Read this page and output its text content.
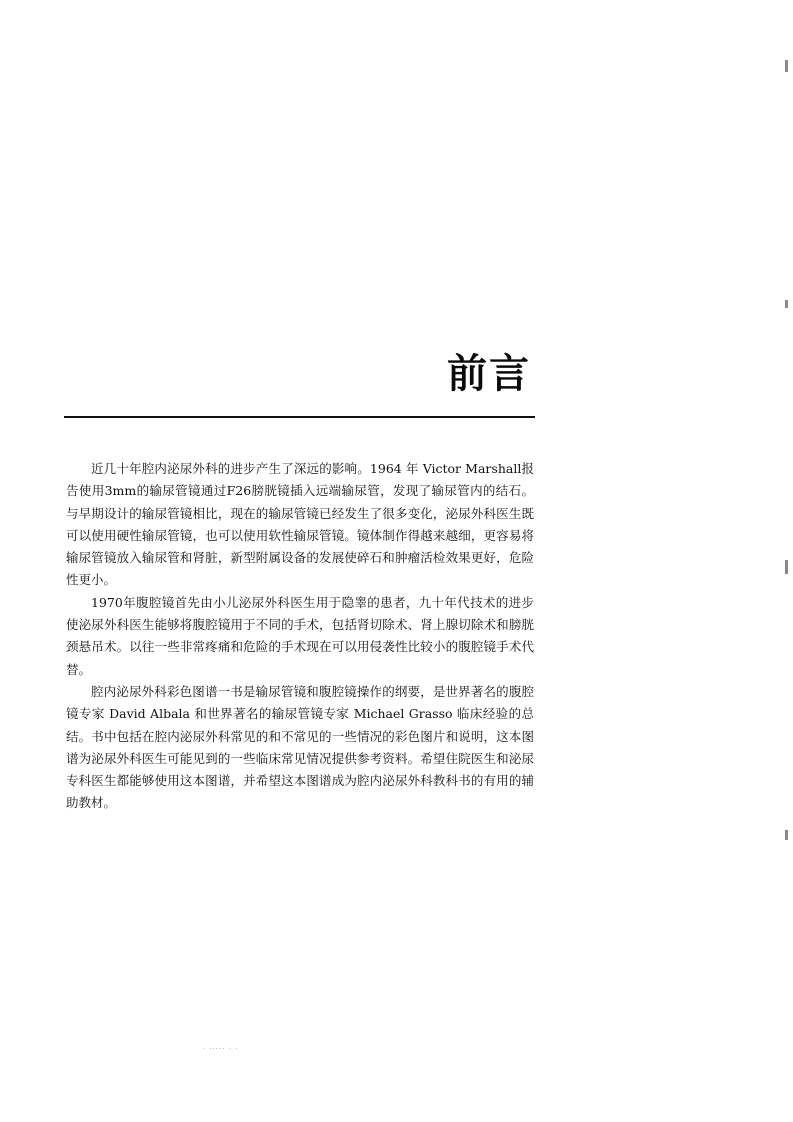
前言

近几十年腔内泌尿外科的进步产生了深远的影响。1964 年 Victor Marshall报告使用3mm的输尿管镜通过F26膀胱镜插入远端输尿管，发现了输尿管内的结石。与早期设计的输尿管镜相比，现在的输尿管镜已经发生了很多变化，泌尿外科医生既可以使用硬性输尿管镜，也可以使用软性输尿管镜。镜体制作得越来越细，更容易将输尿管镜放入输尿管和肾脏，新型附属设备的发展使碎石和肿瘤活检效果更好，危险性更小。

1970年腹腔镜首先由小儿泌尿外科医生用于隐睾的患者，九十年代技术的进步使泌尿外科医生能够将腹腔镜用于不同的手术，包括肾切除术、肾上腺切除术和膀胱颈悬吊术。以往一些非常疼痛和危险的手术现在可以用侵袭性比较小的腹腔镜手术代替。

腔内泌尿外科彩色图谱一书是输尿管镜和腹腔镜操作的纲要，是世界著名的腹腔镜专家 David Albala 和世界著名的输尿管镜专家 Michael Grasso 临床经验的总结。书中包括在腔内泌尿外科常见的和不常见的一些情况的彩色图片和说明，这本图谱为泌尿外科医生可能见到的一些临床常见情况提供参考资料。希望住院医生和泌尿专科医生都能够使用这本图谱，并希望这本图谱成为腔内泌尿外科教科书的有用的辅助教材。

· ····· · ·
